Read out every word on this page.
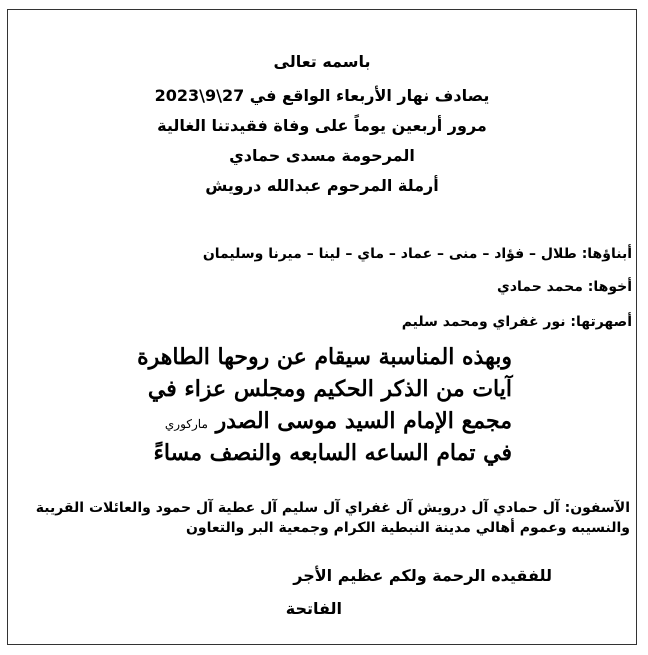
باسمه تعالى
يصادف نهار الأربعاء الواقع في 27\9\2023
مرور أربعين يوماً على وفاة فقيدتنا الغالية
المرحومة مسدى حمادي
أرملة المرحوم عبدالله درويش
أبناؤها: طلال – فؤاد – منى – عماد – ماي – لينا – ميرنا وسليمان
أخوها: محمد حمادي
أصهرتها: نور غفراي ومحمد سليم
وبهذه المناسبة سيقام عن روحها الطاهرة
آيات من الذكر الحكيم ومجلس عزاء في
مجمع الإمام السيد موسى الصدر ماركوري
في تمام الساعه السابعه والنصف مساءً
الآسفون: آل حمادي آل درويش آل غفراي آل سليم آل عطية آل حمود والعائلات القريبة والنسيبه وعموم أهالي مدينة النبطية الكرام وجمعية البر والتعاون
للفقيده الرحمة ولكم عظيم الأجر
الفاتحة
